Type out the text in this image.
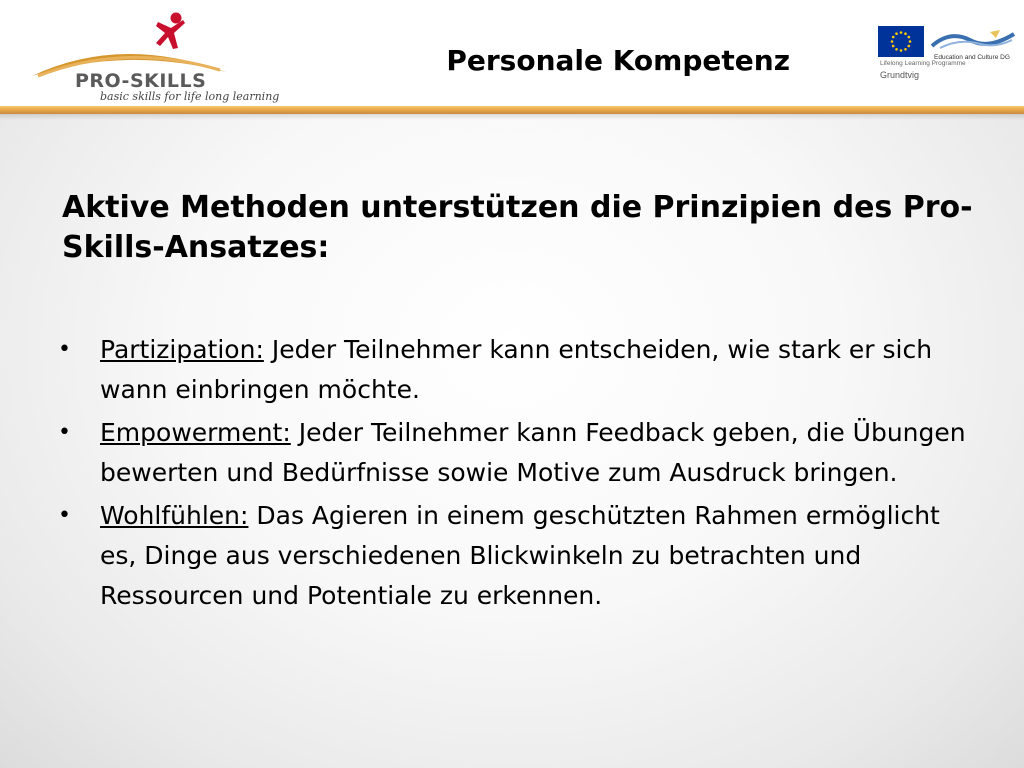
PRO-SKILLS
basic skills for life long learning
Personale Kompetenz	Education and Culture DG
Lifelong Learning Programme
Grundtvig
Aktive Methoden unterstützen die Prinzipien des Pro-Skills-Ansatzes:
• Partizipation: Jeder Teilnehmer kann entscheiden, wie stark er sich wann einbringen möchte.
• Empowerment: Jeder Teilnehmer kann Feedback geben, die Übungen bewerten und Bedürfnisse sowie Motive zum Ausdruck bringen.
• Wohlfühlen: Das Agieren in einem geschützten Rahmen ermöglicht es, Dinge aus verschiedenen Blickwinkeln zu betrachten und Ressourcen und Potentiale zu erkennen.
